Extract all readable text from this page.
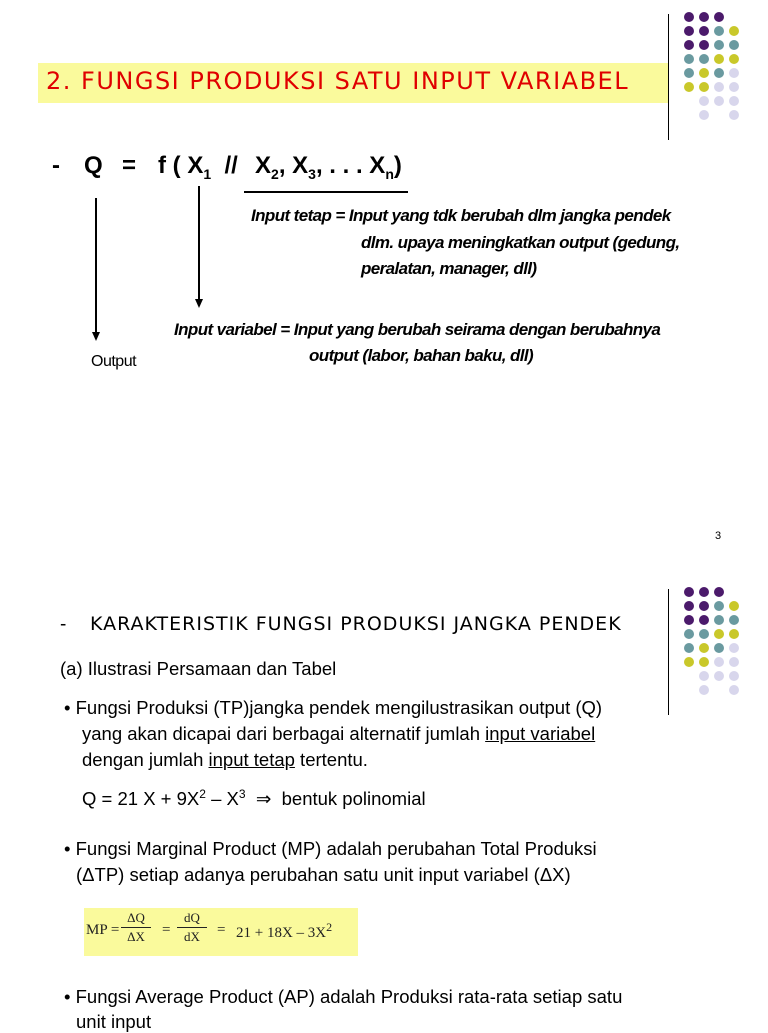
2. FUNGSI PRODUKSI SATU INPUT VARIABEL
- Q = f ( $X_1 // X_2$, $X_3$, . . . $X_n$)
Input tetap = Input yang tdk berubah dlm jangka pendek
dlm. upaya meningkatkan output (gedung,
peralatan, manager, dll)
Input variabel = Input yang berubah seirama dengan berubahnya
output (labor, bahan baku, dll)
Output
3
- KARAKTERISTIK FUNGSI PRODUKSI JANGKA PENDEK
(a) Ilustrasi Persamaan dan Tabel
• Fungsi Produksi (TP)jangka pendek mengilustrasikan output (Q)
yang akan dicapai dari berbagai alternatif jumlah input variabel
dengan jumlah input tetap tertentu.
Q = 21 $X + 9X^2 - X^3$ ⇒ bentuk polinomial
• Fungsi Marginal Product (MP) adalah perubahan Total Produksi
(ΔTP) setiap adanya perubahan satu unit input variabel (ΔX)
MP =
ΔQ
ΔX	=
dQ
dX	= $21 + 18X - 3X^2$
• Fungsi Average Product (AP) adalah Produksi rata-rata setiap satu
unit input
